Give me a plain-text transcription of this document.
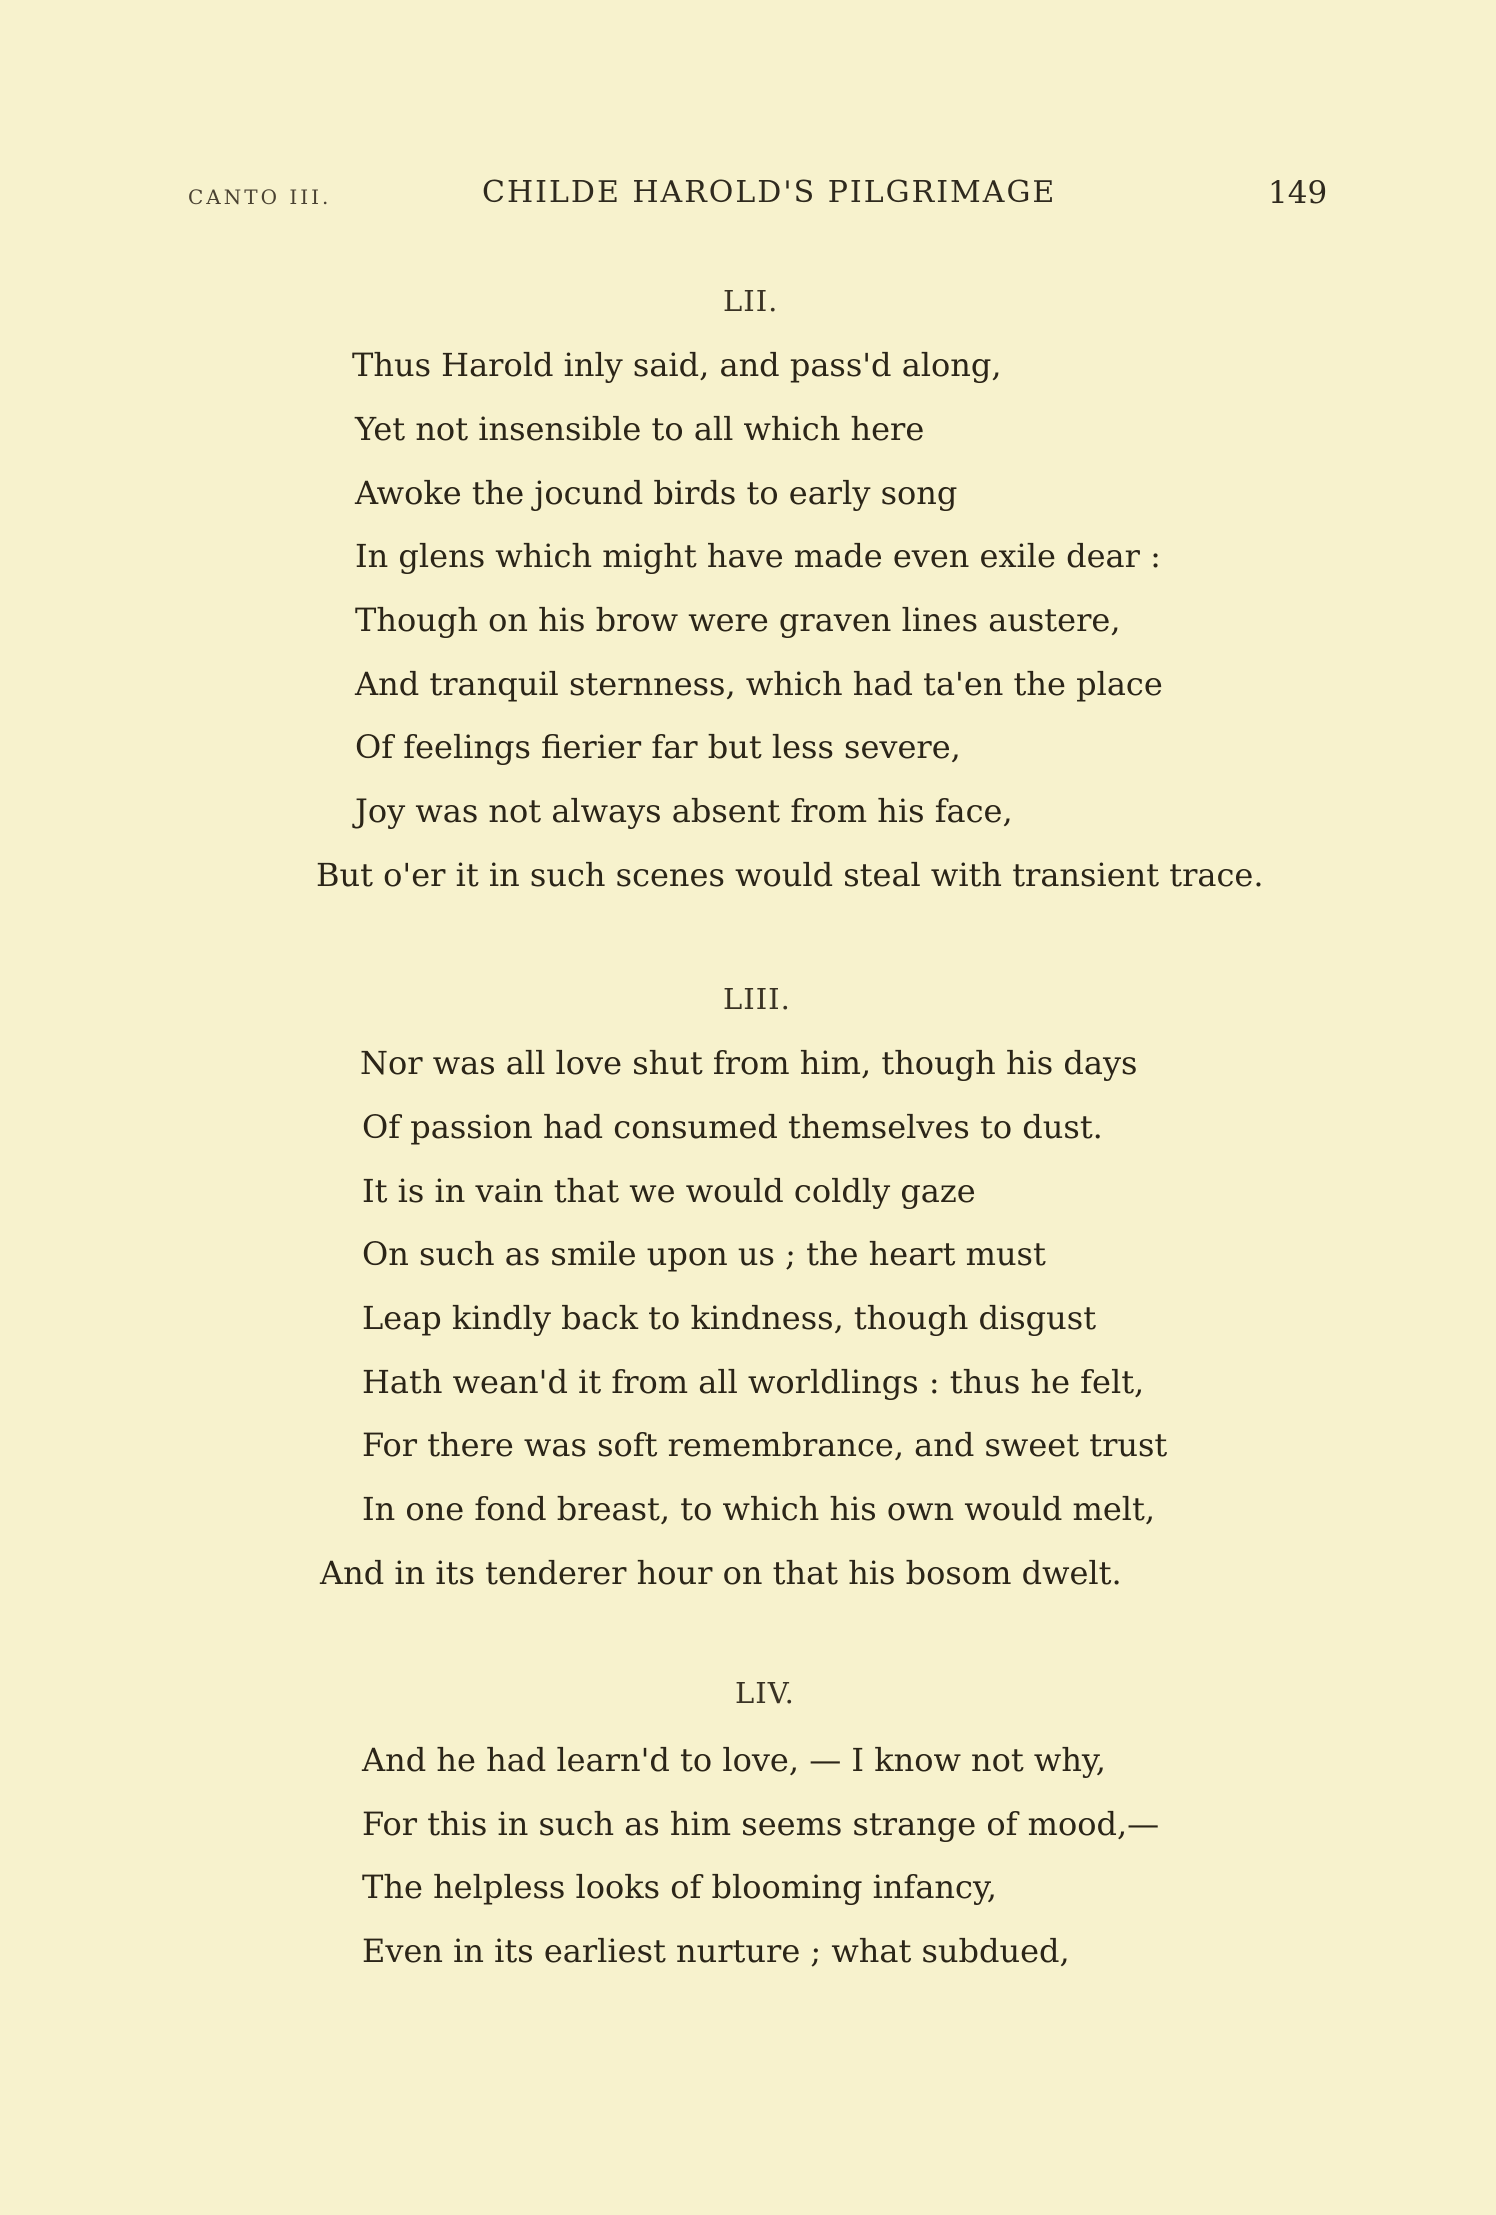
CANTO III.	CHILDE HAROLD'S PILGRIMAGE	149
LII.
Thus Harold inly said, and pass'd along,
Yet not insensible to all which here
Awoke the jocund birds to early song
In glens which might have made even exile dear :
Though on his brow were graven lines austere,
And tranquil sternness, which had ta'en the place
Of feelings fierier far but less severe,
Joy was not always absent from his face,
But o'er it in such scenes would steal with transient trace.
LIII.
Nor was all love shut from him, though his days
Of passion had consumed themselves to dust.
It is in vain that we would coldly gaze
On such as smile upon us ; the heart must
Leap kindly back to kindness, though disgust
Hath wean'd it from all worldlings : thus he felt,
For there was soft remembrance, and sweet trust
In one fond breast, to which his own would melt,
And in its tenderer hour on that his bosom dwelt.
LIV.
And he had learn'd to love, — I know not why,
For this in such as him seems strange of mood,—
The helpless looks of blooming infancy,
Even in its earliest nurture ; what subdued,
